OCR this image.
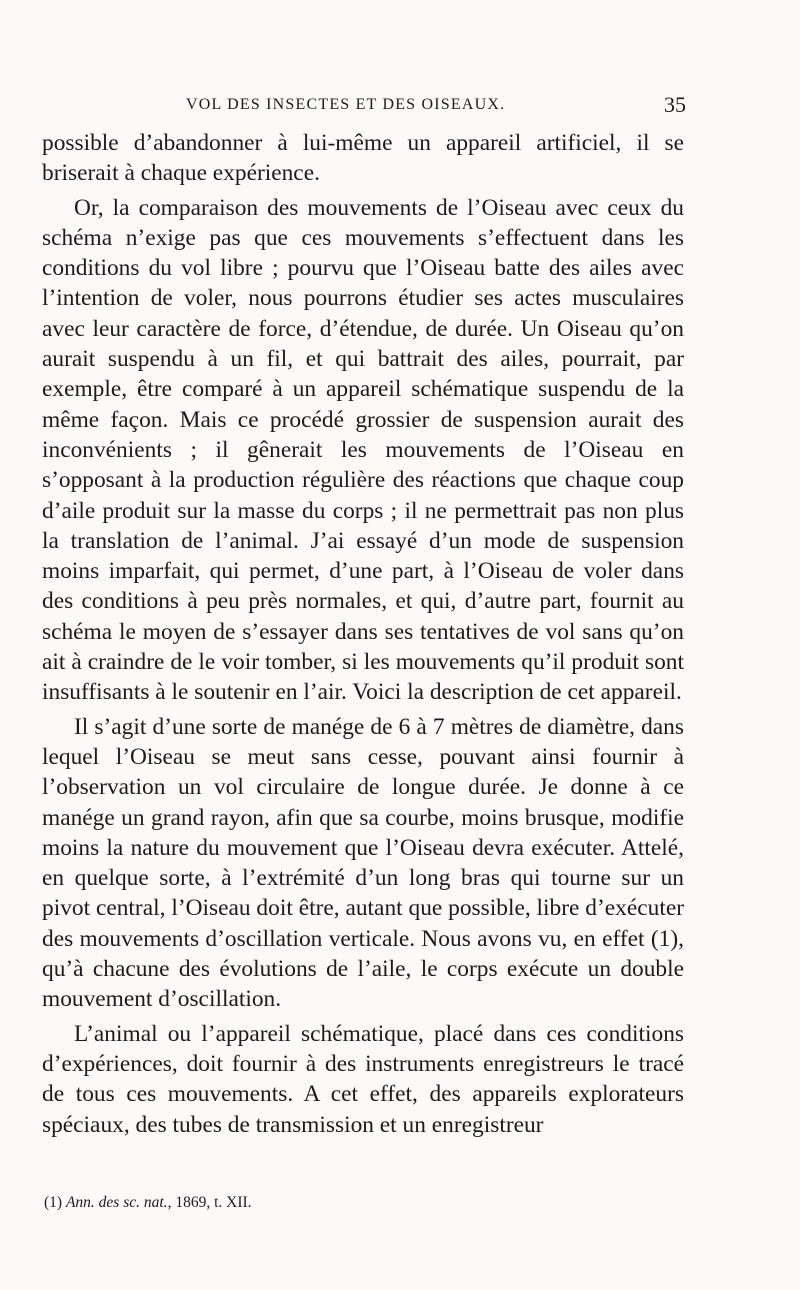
VOL DES INSECTES ET DES OISEAUX.	35

possible d’abandonner à lui-même un appareil artificiel, il se briserait à chaque expérience.

Or, la comparaison des mouvements de l’Oiseau avec ceux du schéma n’exige pas que ces mouvements s’effectuent dans les conditions du vol libre ; pourvu que l’Oiseau batte des ailes avec l’intention de voler, nous pourrons étudier ses actes musculaires avec leur caractère de force, d’étendue, de durée. Un Oiseau qu’on aurait suspendu à un fil, et qui battrait des ailes, pourrait, par exemple, être comparé à un appareil schématique suspendu de la même façon. Mais ce procédé grossier de suspension aurait des inconvénients ; il gênerait les mouvements de l’Oiseau en s’opposant à la production régulière des réactions que chaque coup d’aile produit sur la masse du corps ; il ne permettrait pas non plus la translation de l’animal. J’ai essayé d’un mode de suspension moins imparfait, qui permet, d’une part, à l’Oiseau de voler dans des conditions à peu près normales, et qui, d’autre part, fournit au schéma le moyen de s’essayer dans ses tentatives de vol sans qu’on ait à craindre de le voir tomber, si les mouvements qu’il produit sont insuffisants à le soutenir en l’air. Voici la description de cet appareil.

Il s’agit d’une sorte de manége de 6 à 7 mètres de diamètre, dans lequel l’Oiseau se meut sans cesse, pouvant ainsi fournir à l’observation un vol circulaire de longue durée. Je donne à ce manége un grand rayon, afin que sa courbe, moins brusque, modifie moins la nature du mouvement que l’Oiseau devra exécuter. Attelé, en quelque sorte, à l’extrémité d’un long bras qui tourne sur un pivot central, l’Oiseau doit être, autant que possible, libre d’exécuter des mouvements d’oscillation verticale. Nous avons vu, en effet (1), qu’à chacune des évolutions de l’aile, le corps exécute un double mouvement d’oscillation.

L’animal ou l’appareil schématique, placé dans ces conditions d’expériences, doit fournir à des instruments enregistreurs le tracé de tous ces mouvements. A cet effet, des appareils explorateurs spéciaux, des tubes de transmission et un enregistreur

(1) Ann. des sc. nat., 1869, t. XII.
